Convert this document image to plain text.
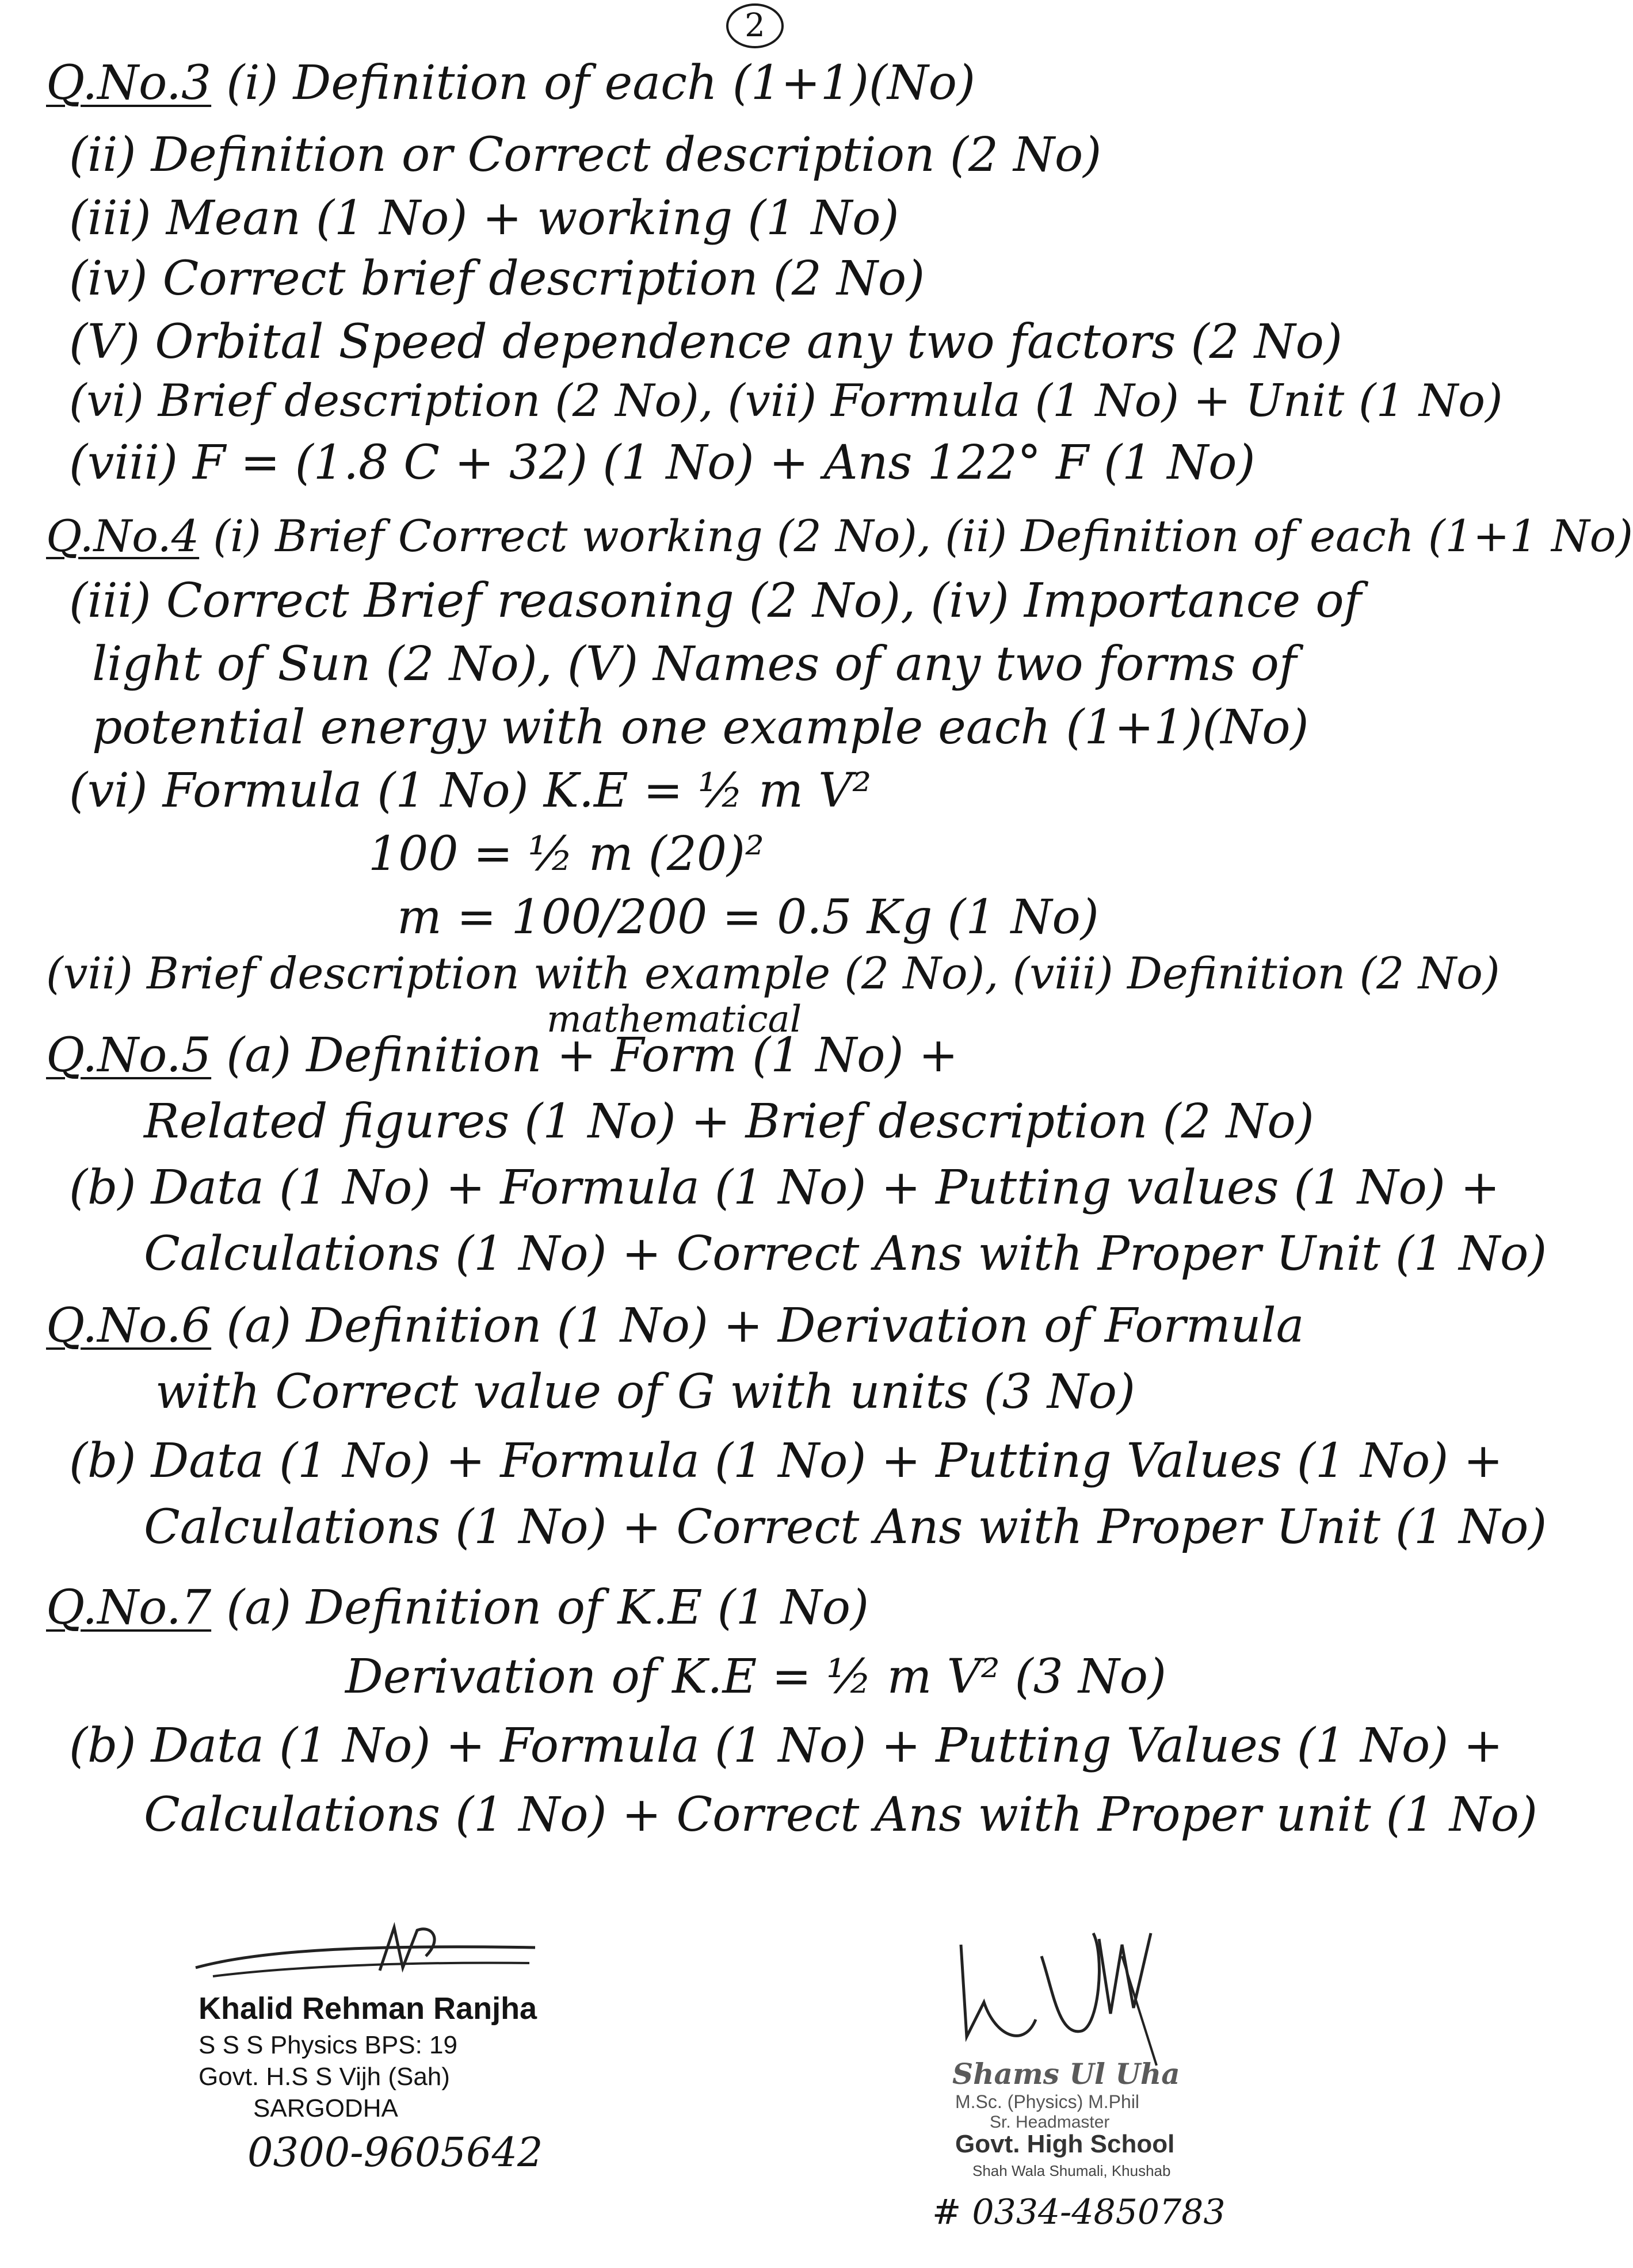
2
Q.No.3 (i) Definition of each (1+1)(No)
(ii) Definition or Correct description (2 No)
(iii) Mean (1 No) + working (1 No)
(iv) Correct brief description (2 No)
(V) Orbital Speed dependence any two factors (2 No)
(vi) Brief description (2 No), (vii) Formula (1 No) + Unit (1 No)
(viii) F = (1.8 C + 32) (1 No) + Ans 122° F (1 No)
Q.No.4 (i) Brief Correct working (2 No), (ii) Definition of each (1+1 No)
(iii) Correct Brief reasoning (2 No), (iv) Importance of
light of Sun (2 No), (V) Names of any two forms of
potential energy with one example each (1+1)(No)
(vi) Formula (1 No) K.E = ½ m V²
100 = ½ m (20)²
m = 100/200 = 0.5 Kg (1 No)
(vii) Brief description with example (2 No), (viii) Definition (2 No)
mathematical
Q.No.5 (a) Definition + Form (1 No) +
Related figures (1 No) + Brief description (2 No)
(b) Data (1 No) + Formula (1 No) + Putting values (1 No) +
Calculations (1 No) + Correct Ans with Proper Unit (1 No)
Q.No.6 (a) Definition (1 No) + Derivation of Formula
with Correct value of G with units (3 No)
(b) Data (1 No) + Formula (1 No) + Putting Values (1 No) +
Calculations (1 No) + Correct Ans with Proper Unit (1 No)
Q.No.7 (a) Definition of K.E (1 No)
Derivation of K.E = ½ m V² (3 No)
(b) Data (1 No) + Formula (1 No) + Putting Values (1 No) +
Calculations (1 No) + Correct Ans with Proper unit (1 No)
Khalid Rehman Ranjha
S S S Physics BPS: 19
Govt. H.S S Vijh (Sah)
SARGODHA
0300-9605642
Shams Ul Uha
M.Sc. (Physics) M.Phil
Sr. Headmaster
Govt. High School
Shah Wala Shumali, Khushab
# 0334-4850783
